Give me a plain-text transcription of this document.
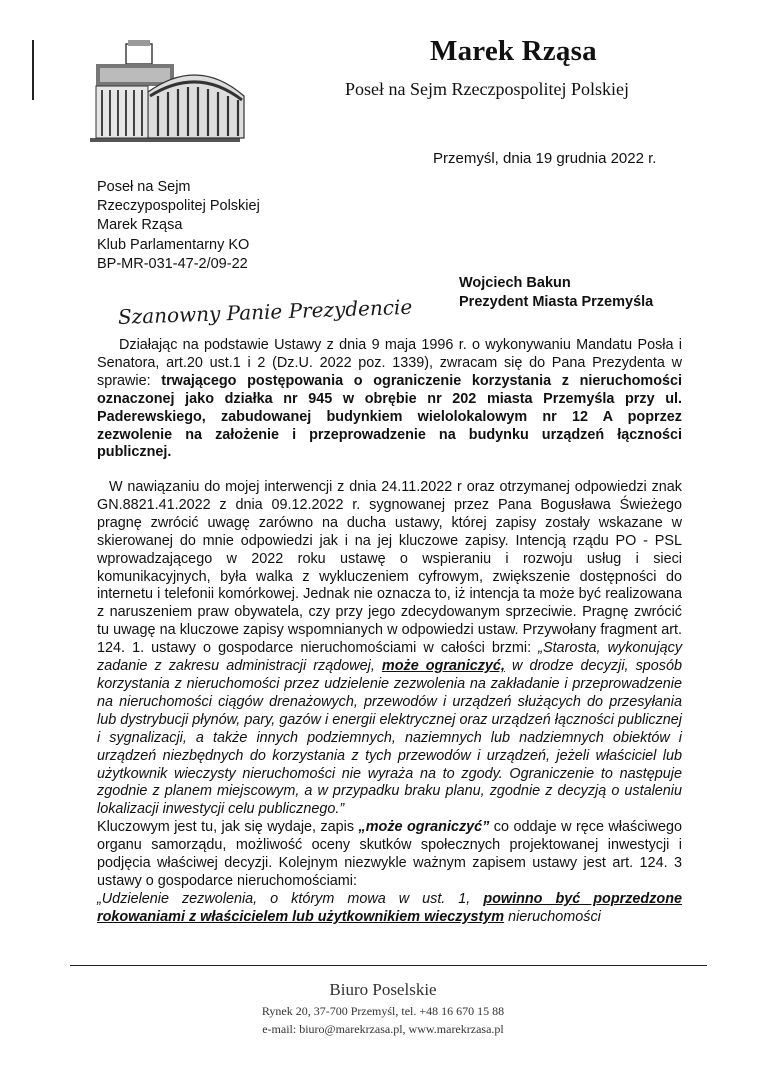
Marek Rząsa
Poseł na Sejm Rzeczpospolitej Polskiej
Przemyśl, dnia 19 grudnia 2022 r.
Poseł na Sejm
Rzeczypospolitej Polskiej
Marek Rząsa
Klub Parlamentarny KO
BP-MR-031-47-2/09-22
Wojciech Bakun
Prezydent Miasta Przemyśla
Szanowny Panie Prezydencie

Działając na podstawie Ustawy z dnia 9 maja 1996 r. o wykonywaniu Mandatu Posła i Senatora, art.20 ust.1 i 2 (Dz.U. 2022 poz. 1339), zwracam się do Pana Prezydenta w sprawie: trwającego postępowania o ograniczenie korzystania z nieruchomości oznaczonej jako działka nr 945 w obrębie nr 202 miasta Przemyśla przy ul. Paderewskiego, zabudowanej budynkiem wielolokalowym nr 12 A poprzez zezwolenie na założenie i przeprowadzenie na budynku urządzeń łączności publicznej.

W nawiązaniu do mojej interwencji z dnia 24.11.2022 r oraz otrzymanej odpowiedzi znak GN.8821.41.2022 z dnia 09.12.2022 r. sygnowanej przez Pana Bogusława Świeżego pragnę zwrócić uwagę zarówno na ducha ustawy, której zapisy zostały wskazane w skierowanej do mnie odpowiedzi jak i na jej kluczowe zapisy. Intencją rządu PO - PSL wprowadzającego w 2022 roku ustawę o wspieraniu i rozwoju usług i sieci komunikacyjnych, była walka z wykluczeniem cyfrowym, zwiększenie dostępności do internetu i telefonii komórkowej. Jednak nie oznacza to, iż intencja ta może być realizowana z naruszeniem praw obywatela, czy przy jego zdecydowanym sprzeciwie. Pragnę zwrócić tu uwagę na kluczowe zapisy wspomnianych w odpowiedzi ustaw. Przywołany fragment art. 124. 1. ustawy o gospodarce nieruchomościami w całości brzmi: „Starosta, wykonujący zadanie z zakresu administracji rządowej, może ograniczyć, w drodze decyzji, sposób korzystania z nieruchomości przez udzielenie zezwolenia na zakładanie i przeprowadzenie na nieruchomości ciągów drenażowych, przewodów i urządzeń służących do przesyłania lub dystrybucji płynów, pary, gazów i energii elektrycznej oraz urządzeń łączności publicznej i sygnalizacji, a także innych podziemnych, naziemnych lub nadziemnych obiektów i urządzeń niezbędnych do korzystania z tych przewodów i urządzeń, jeżeli właściciel lub użytkownik wieczysty nieruchomości nie wyraża na to zgody. Ograniczenie to następuje zgodnie z planem miejscowym, a w przypadku braku planu, zgodnie z decyzją o ustaleniu lokalizacji inwestycji celu publicznego.”

Kluczowym jest tu, jak się wydaje, zapis „może ograniczyć” co oddaje w ręce właściwego organu samorządu, możliwość oceny skutków społecznych projektowanej inwestycji i podjęcia właściwej decyzji. Kolejnym niezwykle ważnym zapisem ustawy jest art. 124. 3 ustawy o gospodarce nieruchomościami:

„Udzielenie zezwolenia, o którym mowa w ust. 1, powinno być poprzedzone rokowaniami z właścicielem lub użytkownikiem wieczystym nieruchomości

Biuro Poselskie
Rynek 20, 37-700 Przemyśl, tel. +48 16 670 15 88
e-mail: biuro@marekrzasa.pl, www.marekrzasa.pl
